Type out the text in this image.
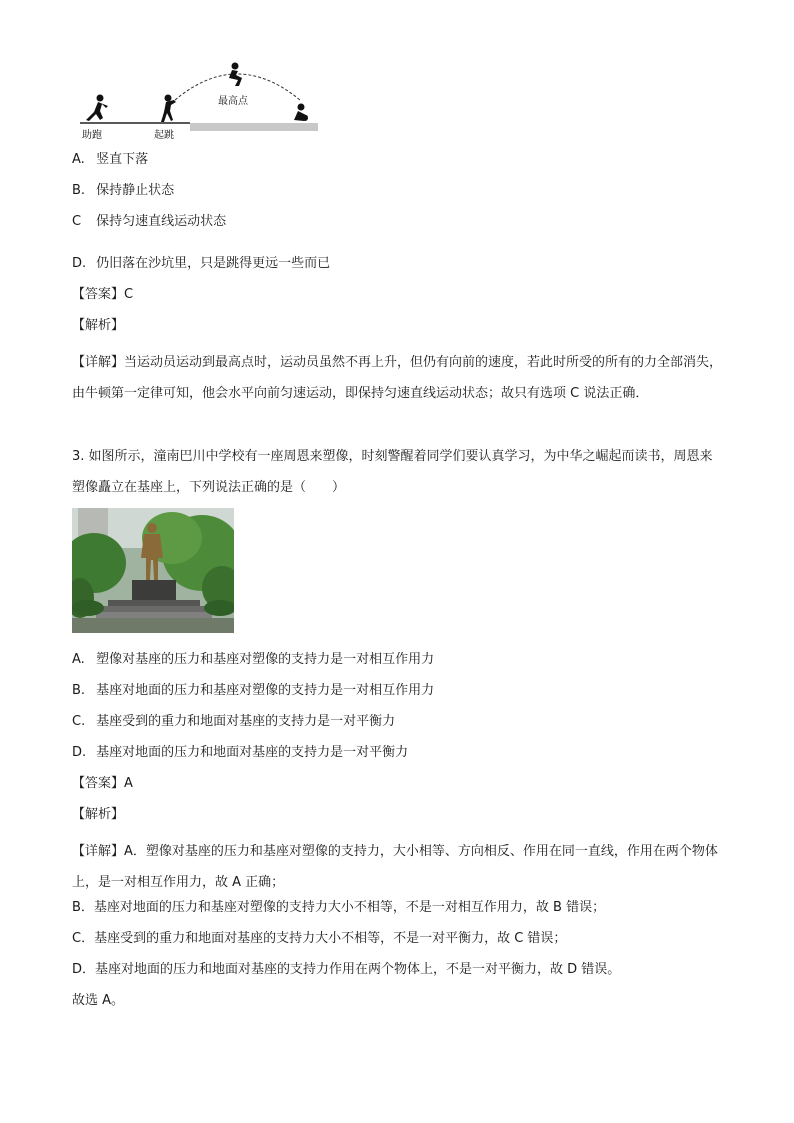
助跑	起跳
最高点
A. 竖直下落
B. 保持静止状态
C 保持匀速直线运动状态
D. 仍旧落在沙坑里，只是跳得更远一些而已
【答案】C
【解析】
【详解】当运动员运动到最高点时，运动员虽然不再上升，但仍有向前的速度，若此时所受的所有的力全部消失，由牛顿第一定律可知，他会水平向前匀速运动，即保持匀速直线运动状态；故只有选项 C 说法正确．
3. 如图所示，潼南巴川中学校有一座周恩来塑像，时刻警醒着同学们要认真学习，为中华之崛起而读书，周恩来塑像矗立在基座上，下列说法正确的是（　　）
A. 塑像对基座的压力和基座对塑像的支持力是一对相互作用力
B. 基座对地面的压力和基座对塑像的支持力是一对相互作用力
C. 基座受到的重力和地面对基座的支持力是一对平衡力
D. 基座对地面的压力和地面对基座的支持力是一对平衡力
【答案】A
【解析】
【详解】A．塑像对基座的压力和基座对塑像的支持力，大小相等、方向相反、作用在同一直线，作用在两个物体上，是一对相互作用力，故 A 正确；
B．基座对地面的压力和基座对塑像的支持力大小不相等，不是一对相互作用力，故 B 错误；
C．基座受到的重力和地面对基座的支持力大小不相等，不是一对平衡力，故 C 错误；
D．基座对地面的压力和地面对基座的支持力作用在两个物体上，不是一对平衡力，故 D 错误。
故选 A。
